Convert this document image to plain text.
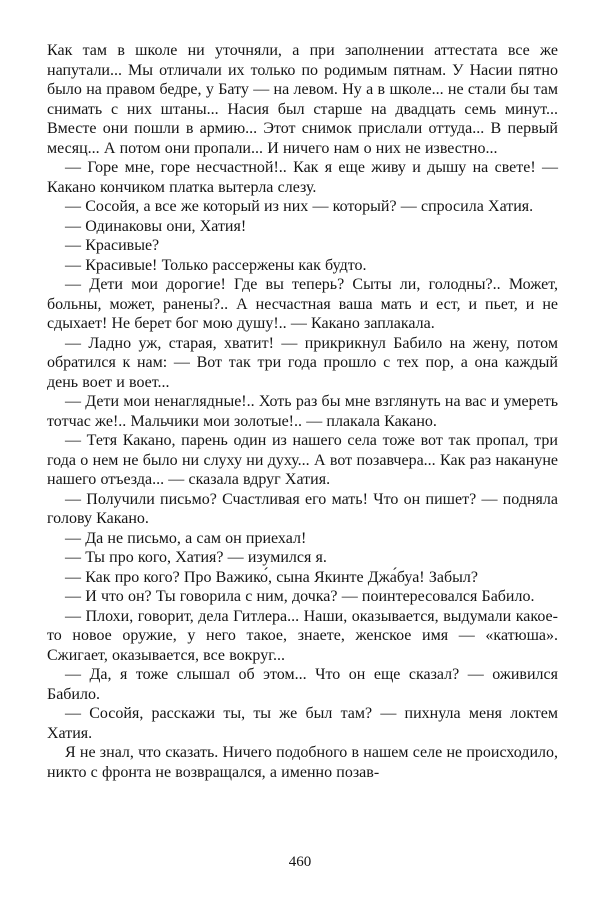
Как там в школе ни уточняли, а при заполнении аттестата все же напутали... Мы отличали их только по родимым пятнам. У Насии пятно было на правом бедре, у Бату — на левом. Ну а в школе... не стали бы там снимать с них штаны... Насия был старше на двадцать семь минут... Вместе они пошли в армию... Этот снимок прислали оттуда... В первый месяц... А потом они пропали... И ничего нам о них не известно...

— Горе мне, горе несчастной!.. Как я еще живу и дышу на свете! — Какано кончиком платка вытерла слезу.

— Сосойя, а все же который из них — который? — спросила Хатия.

— Одинаковы они, Хатия!

— Красивые?

— Красивые! Только рассержены как будто.

— Дети мои дорогие! Где вы теперь? Сыты ли, голодны?.. Может, больны, может, ранены?.. А несчастная ваша мать и ест, и пьет, и не сдыхает! Не берет бог мою душу!.. — Какано заплакала.

— Ладно уж, старая, хватит! — прикрикнул Бабило на жену, потом обратился к нам: — Вот так три года прошло с тех пор, а она каждый день воет и воет...

— Дети мои ненаглядные!.. Хоть раз бы мне взглянуть на вас и умереть тотчас же!.. Мальчики мои золотые!.. — плакала Какано.

— Тетя Какано, парень один из нашего села тоже вот так пропал, три года о нем не было ни слуху ни духу... А вот позавчера... Как раз накануне нашего отъезда... — сказала вдруг Хатия.

— Получили письмо? Счастливая его мать! Что он пишет? — подняла голову Какано.

— Да не письмо, а сам он приехал!

— Ты про кого, Хатия? — изумился я.

— Как про кого? Про Важико́, сына Якинте Джа́буа! Забыл?

— И что он? Ты говорила с ним, дочка? — поинтересовался Бабило.

— Плохи, говорит, дела Гитлера... Наши, оказывается, выдумали какое-то новое оружие, у него такое, знаете, женское имя — «катюша». Сжигает, оказывается, все вокруг...

— Да, я тоже слышал об этом... Что он еще сказал? — оживился Бабило.

— Сосойя, расскажи ты, ты же был там? — пихнула меня локтем Хатия.

Я не знал, что сказать. Ничего подобного в нашем селе не происходило, никто с фронта не возвращался, а именно позав-

460
